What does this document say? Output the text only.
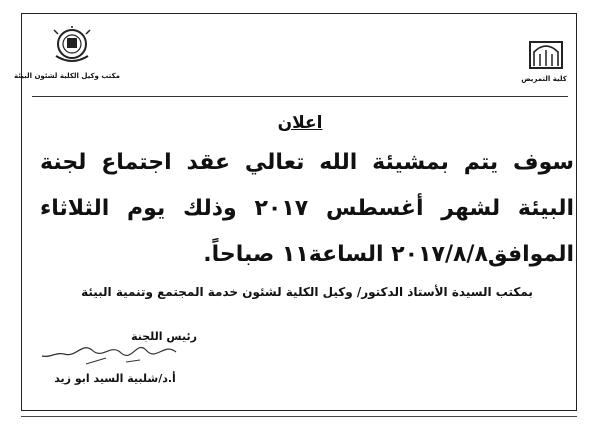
مكتب وكيل الكلية لشئون البيئة	كلية التمريض
اعلان
سوف يتم بمشيئة الله تعالي عقد اجتماع لجنة
البيئة لشهر أغسطس ٢٠١٧ وذلك يوم الثلاثاء
الموافق٢٠١٧/٨/٨ الساعة١١ صباحاً.
بمكتب السيدة الأستاذ الدكتور/ وكيل الكلية لشئون خدمة المجتمع وتنمية البيئة
رئيس اللجنة
أ.د/شلبية السيد ابو زيد
